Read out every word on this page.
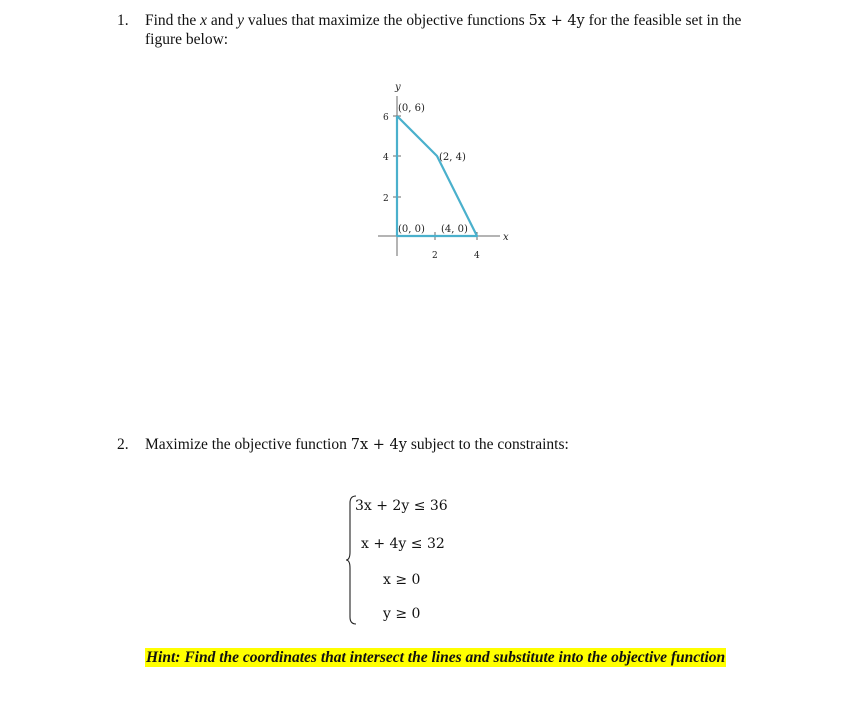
1. Find the x and y values that maximize the objective functions 5x + 4y for the feasible set in the
figure below:
y
x
6
4
2
2	4
(0, 6)
(2, 4)
(0, 0) (4, 0)
2. Maximize the objective function 7x + 4y subject to the constraints:
3x + 2y ≤ 36
x + 4y ≤ 32
x ≥ 0
y ≥ 0
Hint: Find the coordinates that intersect the lines and substitute into the objective function
